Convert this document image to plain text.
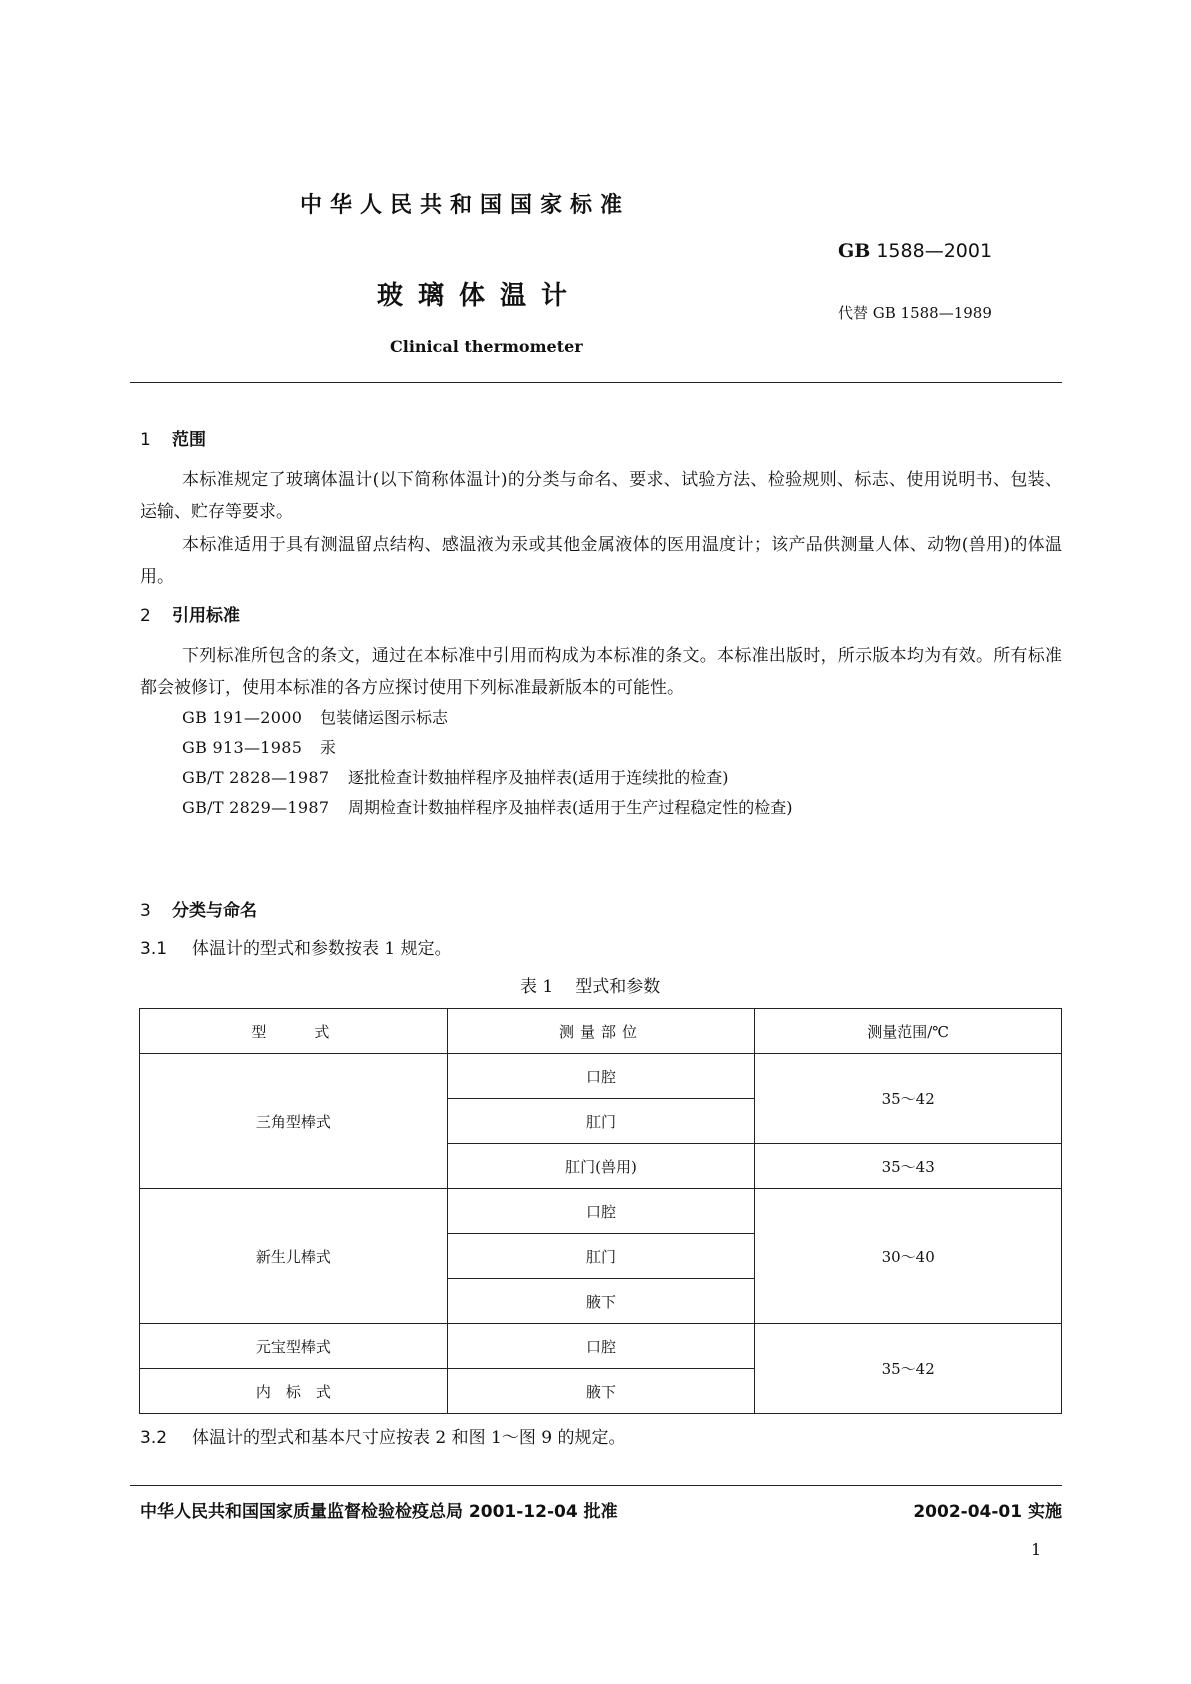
中华人民共和国国家标准
GB 1588—2001
玻璃体温计
代替 GB 1588—1989
Clinical thermometer
1 范围

本标准规定了玻璃体温计(以下简称体温计)的分类与命名、要求、试验方法、检验规则、标志、使用说明书、包装、运输、贮存等要求。

本标准适用于具有测温留点结构、感温液为汞或其他金属液体的医用温度计；该产品供测量人体、动物(兽用)的体温用。

2 引用标准

下列标准所包含的条文，通过在本标准中引用而构成为本标准的条文。本标准出版时，所示版本均为有效。所有标准都会被修订，使用本标准的各方应探讨使用下列标准最新版本的可能性。

GB 191—2000 包装储运图示标志
GB 913—1985 汞
GB/T 2828—1987 逐批检查计数抽样程序及抽样表(适用于连续批的检查)
GB/T 2829—1987 周期检查计数抽样程序及抽样表(适用于生产过程稳定性的检查)
3 分类与命名
3.1 体温计的型式和参数按表 1 规定。
表 1 型式和参数
型　　式	测量部位	测量范围/℃
三角型棒式	口腔	35～42
	肛门	
	肛门(兽用)	35～43
新生儿棒式	口腔	30～40
	肛门	
	腋下	
元宝型棒式	口腔	35～42
内　标　式	腋下	
3.2 体温计的型式和基本尺寸应按表 2 和图 1～图 9 的规定。
中华人民共和国国家质量监督检验检疫总局 2001-12-04 批准	2002-04-01 实施
1
